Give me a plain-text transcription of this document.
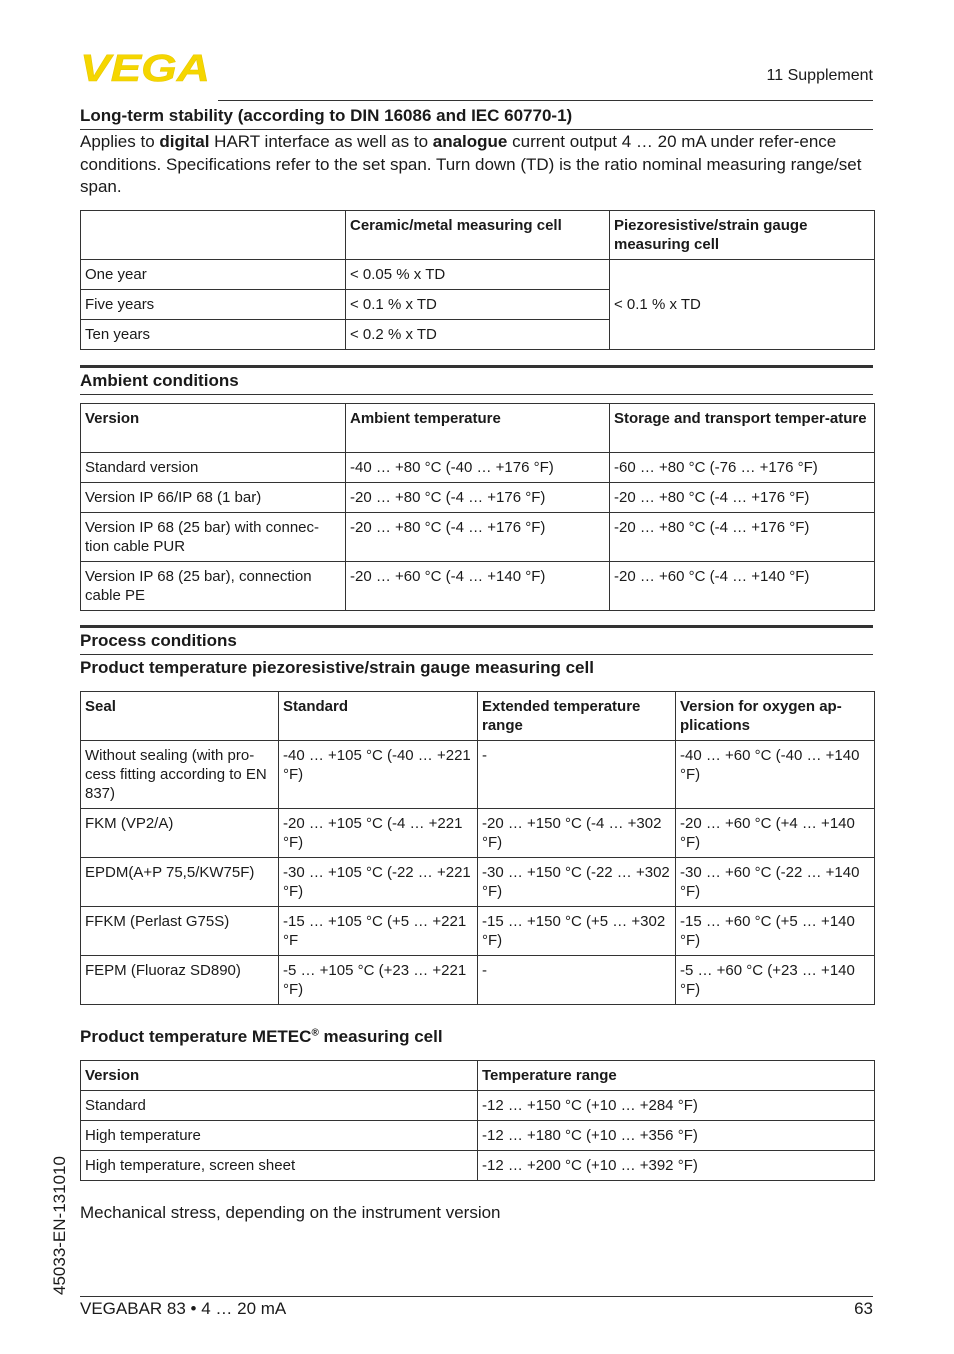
VEGA	11 Supplement
Long-term stability (according to DIN 16086 and IEC 60770-1)
Applies to digital HART interface as well as to analogue current output 4 … 20 mA under refer-ence conditions. Specifications refer to the set span. Turn down (TD) is the ratio nominal measuring range/set span.
	Ceramic/metal measuring cell	Piezoresistive/strain gauge measuring cell
One year	< 0.05 % x TD	< 0.1 % x TD
Five years	< 0.1 % x TD	
Ten years	< 0.2 % x TD	
Ambient conditions
Version	Ambient temperature	Storage and transport temper-ature
Standard version	-40 … +80 °C (-40 … +176 °F)	-60 … +80 °C (-76 … +176 °F)
Version IP 66/IP 68 (1 bar)	-20 … +80 °C (-4 … +176 °F)	-20 … +80 °C (-4 … +176 °F)
Version IP 68 (25 bar) with connec-tion cable PUR	-20 … +80 °C (-4 … +176 °F)	-20 … +80 °C (-4 … +176 °F)
Version IP 68 (25 bar), connection cable PE	-20 … +60 °C (-4 … +140 °F)	-20 … +60 °C (-4 … +140 °F)
Process conditions
Product temperature piezoresistive/strain gauge measuring cell
Seal	Standard	Extended temperature range	Version for oxygen ap-plications
Without sealing (with pro-cess fitting according to EN 837)	-40 … +105 °C (-40 … +221 °F)	-	-40 … +60 °C (-40 … +140 °F)
FKM (VP2/A)	-20 … +105 °C (-4 … +221 °F)	-20 … +150 °C (-4 … +302 °F)	-20 … +60 °C (+4 … +140 °F)
EPDM(A+P 75,5/KW75F)	-30 … +105 °C (-22 … +221 °F)	-30 … +150 °C (-22 … +302 °F)	-30 … +60 °C (-22 … +140 °F)
FFKM (Perlast G75S)	-15 … +105 °C (+5 … +221 °F	-15 … +150 °C (+5 … +302 °F)	-15 … +60 °C (+5 … +140 °F)
FEPM (Fluoraz SD890)	-5 … +105 °C (+23 … +221 °F)	-	-5 … +60 °C (+23 … +140 °F)
Product temperature METEC® measuring cell
Version	Temperature range
Standard	-12 … +150 °C (+10 … +284 °F)
High temperature	-12 … +180 °C (+10 … +356 °F)
High temperature, screen sheet	-12 … +200 °C (+10 … +392 °F)
Mechanical stress, depending on the instrument version
45033-EN-131010
VEGABAR 83 • 4 … 20 mA	63
